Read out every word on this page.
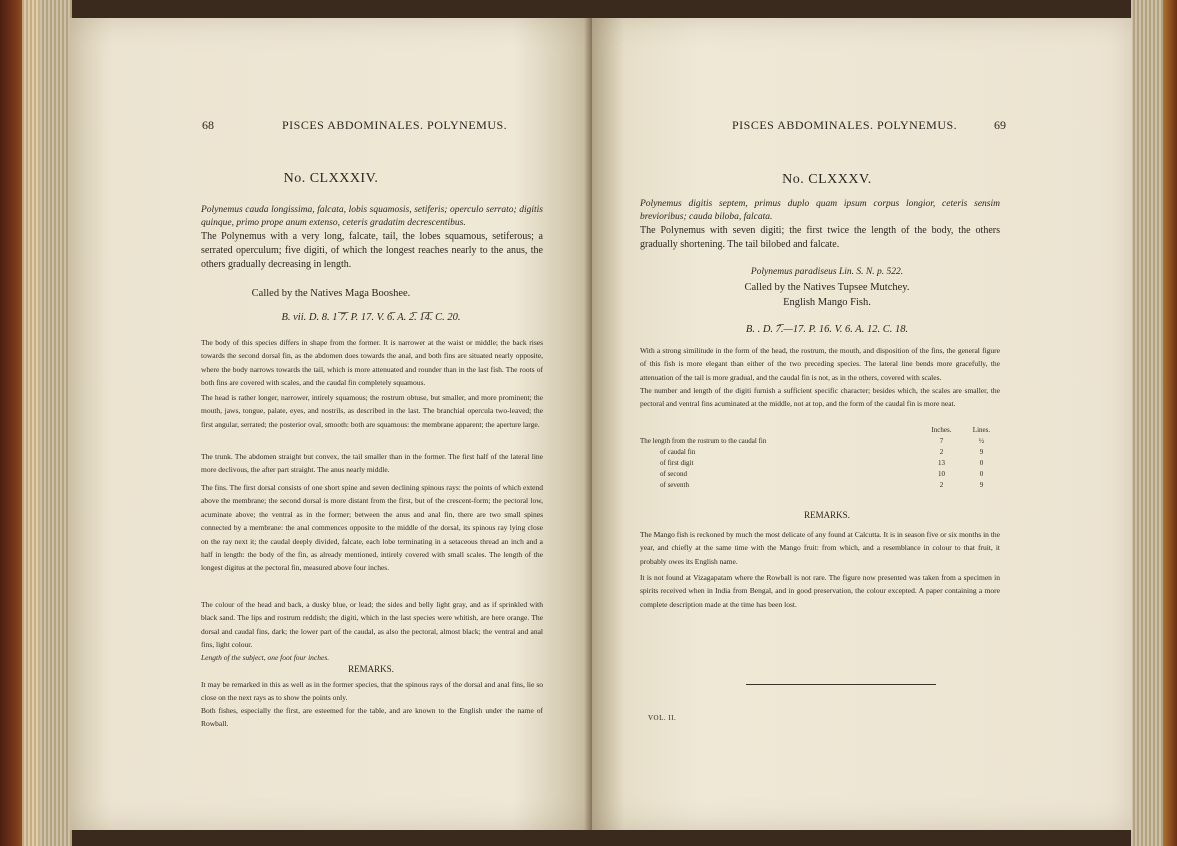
68	PISCES ABDOMINALES. POLYNEMUS.
No. CLXXXIV.
Polynemus cauda longissima, falcata, lobis squamosis, setiferis; operculo serrato; digitis quinque, primo prope anum extenso, ceteris gradatim decrescentibus.
The Polynemus with a very long, falcate, tail, the lobes squamous, setiferous; a serrated operculum; five digiti, of which the longest reaches nearly to the anus, the others gradually decreasing in length.
Called by the Natives Maga Booshee.
B. vii. D. 8. 1 ̅7̅. P. 17. V. 6̅. A. 2̅. 1̅4̅. C. 20.
The body of this species differs in shape from the former. It is narrower at the waist or middle; the back rises towards the second dorsal fin, as the abdomen does towards the anal, and both fins are situated nearly opposite, where the body narrows towards the tail, which is more attenuated and rounder than in the last fish. The roots of both fins are covered with scales, and the caudal fin completely squamous.
The head is rather longer, narrower, intirely squamous; the rostrum obtuse, but smaller, and more prominent; the mouth, jaws, tongue, palate, eyes, and nostrils, as described in the last. The branchial opercula two-leaved; the first angular, serrated; the posterior oval, smooth: both are squamous: the membrane apparent; the aperture large.
The trunk. The abdomen straight but convex, the tail smaller than in the former. The first half of the lateral line more declivous, the after part straight. The anus nearly middle.
The fins. The first dorsal consists of one short spine and seven declining spinous rays: the points of which extend above the membrane; the second dorsal is more distant from the first, but of the crescent-form; the pectoral low, acuminate above; the ventral as in the former; between the anus and anal fin, there are two small spines connected by a membrane: the anal commences opposite to the middle of the dorsal, its spinous ray lying close on the ray next it; the caudal deeply divided, falcate, each lobe terminating in a setaceous thread an inch and a half in length: the body of the fin, as already mentioned, intirely covered with small scales. The length of the longest digitus at the pectoral fin, measured above four inches.
The colour of the head and back, a dusky blue, or lead; the sides and belly light gray, and as if sprinkled with black sand. The lips and rostrum reddish; the digiti, which in the last species were whitish, are here orange. The dorsal and caudal fins, dark; the lower part of the caudal, as also the pectoral, almost black; the ventral and anal fins, light colour.
Length of the subject, one foot four inches.
REMARKS.
It may be remarked in this as well as in the former species, that the spinous rays of the dorsal and anal fins, lie so close on the next rays as to show the points only.
Both fishes, especially the first, are esteemed for the table, and are known to the English under the name of Rowball.
PISCES ABDOMINALES. POLYNEMUS.	69
No. CLXXXV.
Polynemus digitis septem, primus duplo quam ipsum corpus longior, ceteris sensim brevioribus; cauda biloba, falcata.
The Polynemus with seven digiti; the first twice the length of the body, the others gradually shortening. The tail bilobed and falcate.
Polynemus paradiseus Lin. S. N. p. 522.
Called by the Natives Tupsee Mutchey.
English Mango Fish.
B. . D. 7̅.—17. P. 16. V. 6. A. 12. C. 18.
With a strong similitude in the form of the head, the rostrum, the mouth, and disposition of the fins, the general figure of this fish is more elegant than either of the two preceding species. The lateral line bends more gracefully, the attenuation of the tail is more gradual, and the caudal fin is not, as in the others, covered with scales.
The number and length of the digiti furnish a sufficient specific character; besides which, the scales are smaller, the pectoral and ventral fins acuminated at the middle, not at top, and the form of the caudal fin is more neat.
	Inches.	Lines.
The length from the rostrum to the caudal fin	7	½
of caudal fin	2	9
of first digit	13	0
of second	10	0
of seventh	2	9
REMARKS.
The Mango fish is reckoned by much the most delicate of any found at Calcutta. It is in season five or six months in the year, and chiefly at the same time with the Mango fruit: from which, and a resemblance in colour to that fruit, it probably owes its English name.
It is not found at Vizagapatam where the Rowball is not rare. The figure now presented was taken from a specimen in spirits received when in India from Bengal, and in good preservation, the colour excepted. A paper containing a more complete description made at the time has been lost.
VOL. II.
